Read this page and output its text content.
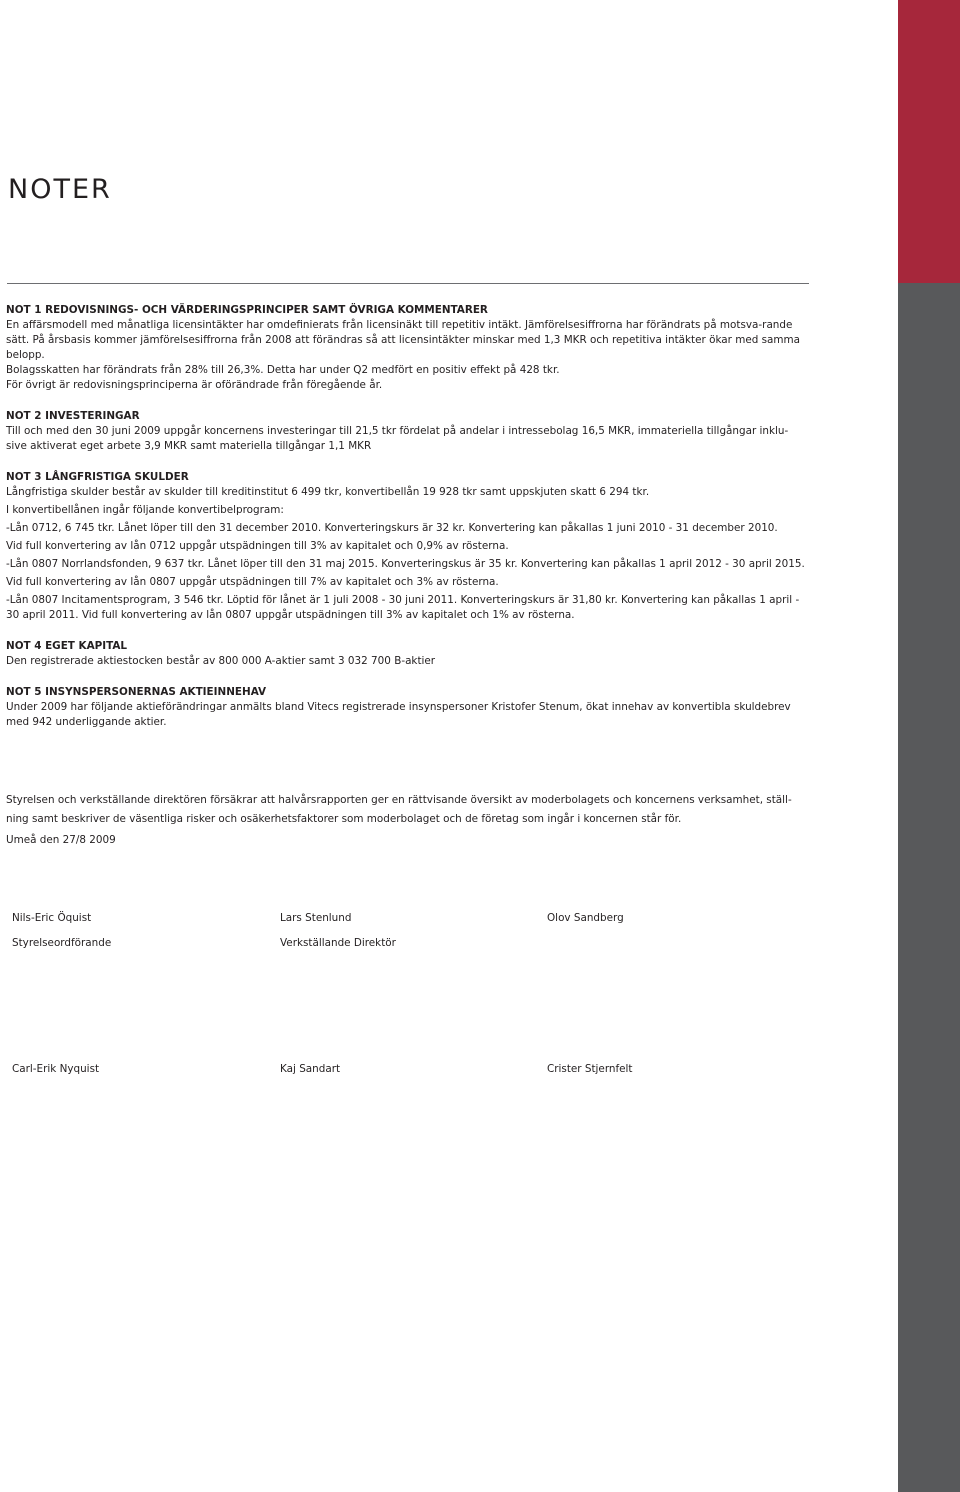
NOTER

NOT 1 REDOVISNINGS- OCH VÄRDERINGSPRINCIPER SAMT ÖVRIGA KOMMENTARER

En affärsmodell med månatliga licensintäkter har omdefinierats från licensinäkt till repetitiv intäkt. Jämförelsesiffrorna har förändrats på motsva-rande sätt. På årsbasis kommer jämförelsesiffrorna från 2008 att förändras så att licensintäkter minskar med 1,3 MKR och repetitiva intäkter ökar med samma belopp.

Bolagsskatten har förändrats från 28% till 26,3%. Detta har under Q2 medfört en positiv effekt på 428 tkr.

För övrigt är redovisningsprinciperna är oförändrade från föregående år.

NOT 2 INVESTERINGAR

Till och med den 30 juni 2009 uppgår koncernens investeringar till 21,5 tkr fördelat på andelar i intressebolag 16,5 MKR, immateriella tillgångar inklu-sive aktiverat eget arbete 3,9 MKR samt materiella tillgångar 1,1 MKR

NOT 3 LÅNGFRISTIGA SKULDER

Långfristiga skulder består av skulder till kreditinstitut 6 499 tkr, konvertibellån 19 928 tkr samt uppskjuten skatt 6 294 tkr.

I konvertibellånen ingår följande konvertibelprogram:

-Lån 0712, 6 745 tkr. Lånet löper till den 31 december 2010. Konverteringskurs är 32 kr. Konvertering kan påkallas 1 juni 2010 - 31 december 2010.

Vid full konvertering av lån 0712 uppgår utspädningen till 3% av kapitalet och 0,9% av rösterna.

-Lån 0807 Norrlandsfonden, 9 637 tkr. Lånet löper till den 31 maj 2015. Konverteringskus är 35 kr. Konvertering kan påkallas 1 april 2012 - 30 april 2015.

Vid full konvertering av lån 0807 uppgår utspädningen till 7% av kapitalet och 3% av rösterna.

-Lån 0807 Incitamentsprogram, 3 546 tkr. Löptid för lånet är 1 juli 2008 - 30 juni 2011. Konverteringskurs är 31,80 kr. Konvertering kan påkallas 1 april - 30 april 2011. Vid full konvertering av lån 0807 uppgår utspädningen till 3% av kapitalet och 1% av rösterna.

NOT 4 EGET KAPITAL

Den registrerade aktiestocken består av 800 000 A-aktier samt 3 032 700 B-aktier

NOT 5 INSYNSPERSONERNAS AKTIEINNEHAV

Under 2009 har följande aktieförändringar anmälts bland Vitecs registrerade insynspersoner Kristofer Stenum, ökat innehav av konvertibla skuldebrev med 942 underliggande aktier.

Styrelsen och verkställande direktören försäkrar att halvårsrapporten ger en rättvisande översikt av moderbolagets och koncernens verksamhet, ställ-ning samt beskriver de väsentliga risker och osäkerhetsfaktorer som moderbolaget och de företag som ingår i koncernen står för.

Umeå den 27/8 2009

Nils-Eric Öquist
Styrelseordförande
Lars Stenlund
Verkställande Direktör
Olov Sandberg
Carl-Erik Nyquist	Kaj Sandart	Crister Stjernfelt
